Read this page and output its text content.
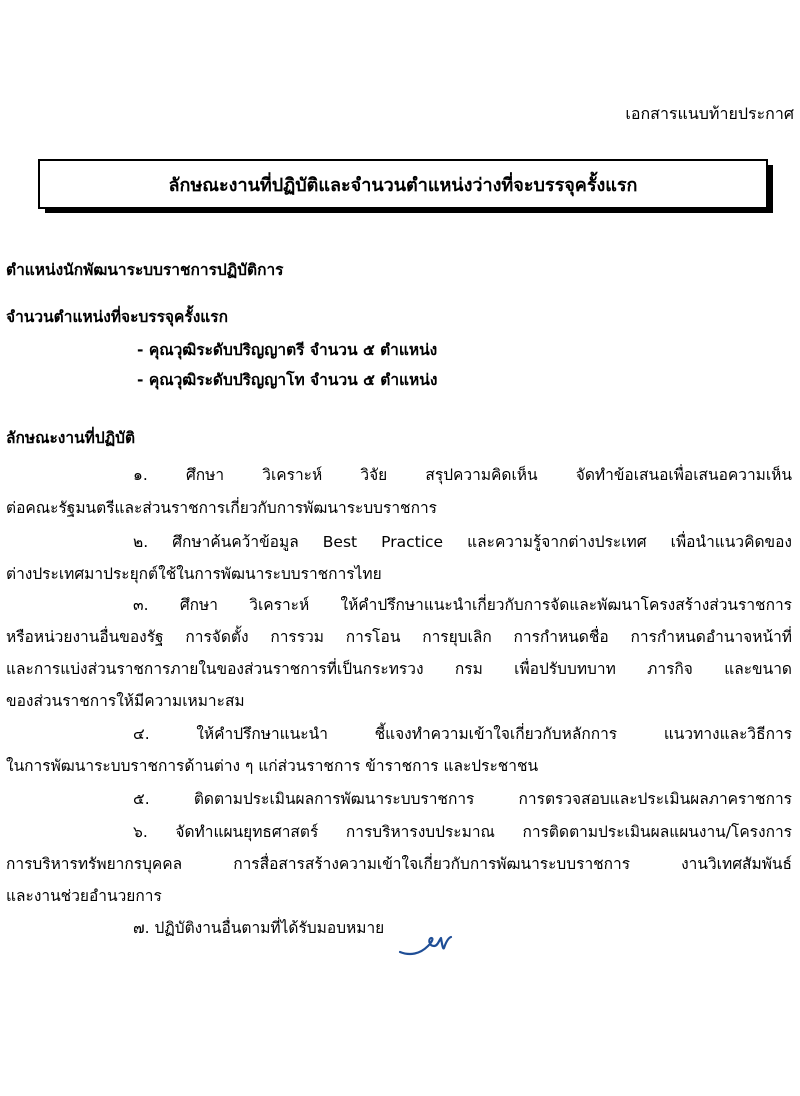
เอกสารแนบท้ายประกาศ
ลักษณะงานที่ปฏิบัติและจำนวนตำแหน่งว่างที่จะบรรจุครั้งแรก
ตำแหน่งนักพัฒนาระบบราชการปฏิบัติการ
จำนวนตำแหน่งที่จะบรรจุครั้งแรก
- คุณวุฒิระดับปริญญาตรี จำนวน ๕ ตำแหน่ง
- คุณวุฒิระดับปริญญาโท จำนวน ๕ ตำแหน่ง
ลักษณะงานที่ปฏิบัติ
๑. ศึกษา วิเคราะห์ วิจัย สรุปความคิดเห็น จัดทำข้อเสนอเพื่อเสนอความเห็น
ต่อคณะรัฐมนตรีและส่วนราชการเกี่ยวกับการพัฒนาระบบราชการ
๒. ศึกษาค้นคว้าข้อมูล Best Practice และความรู้จากต่างประเทศ เพื่อนำแนวคิดของ
ต่างประเทศมาประยุกต์ใช้ในการพัฒนาระบบราชการไทย
๓. ศึกษา วิเคราะห์ ให้คำปรึกษาแนะนำเกี่ยวกับการจัดและพัฒนาโครงสร้างส่วนราชการ
หรือหน่วยงานอื่นของรัฐ การจัดตั้ง การรวม การโอน การยุบเลิก การกำหนดชื่อ การกำหนดอำนาจหน้าที่
และการแบ่งส่วนราชการภายในของส่วนราชการที่เป็นกระทรวง กรม เพื่อปรับบทบาท ภารกิจ และขนาด
ของส่วนราชการให้มีความเหมาะสม
๔. ให้คำปรึกษาแนะนำ ชี้แจงทำความเข้าใจเกี่ยวกับหลักการ แนวทางและวิธีการ
ในการพัฒนาระบบราชการด้านต่าง ๆ แก่ส่วนราชการ ข้าราชการ และประชาชน
๕. ติดตามประเมินผลการพัฒนาระบบราชการ การตรวจสอบและประเมินผลภาคราชการ
๖. จัดทำแผนยุทธศาสตร์ การบริหารงบประมาณ การติดตามประเมินผลแผนงาน/โครงการ
การบริหารทรัพยากรบุคคล การสื่อสารสร้างความเข้าใจเกี่ยวกับการพัฒนาระบบราชการ งานวิเทศสัมพันธ์
และงานช่วยอำนวยการ
๗. ปฏิบัติงานอื่นตามที่ได้รับมอบหมาย
